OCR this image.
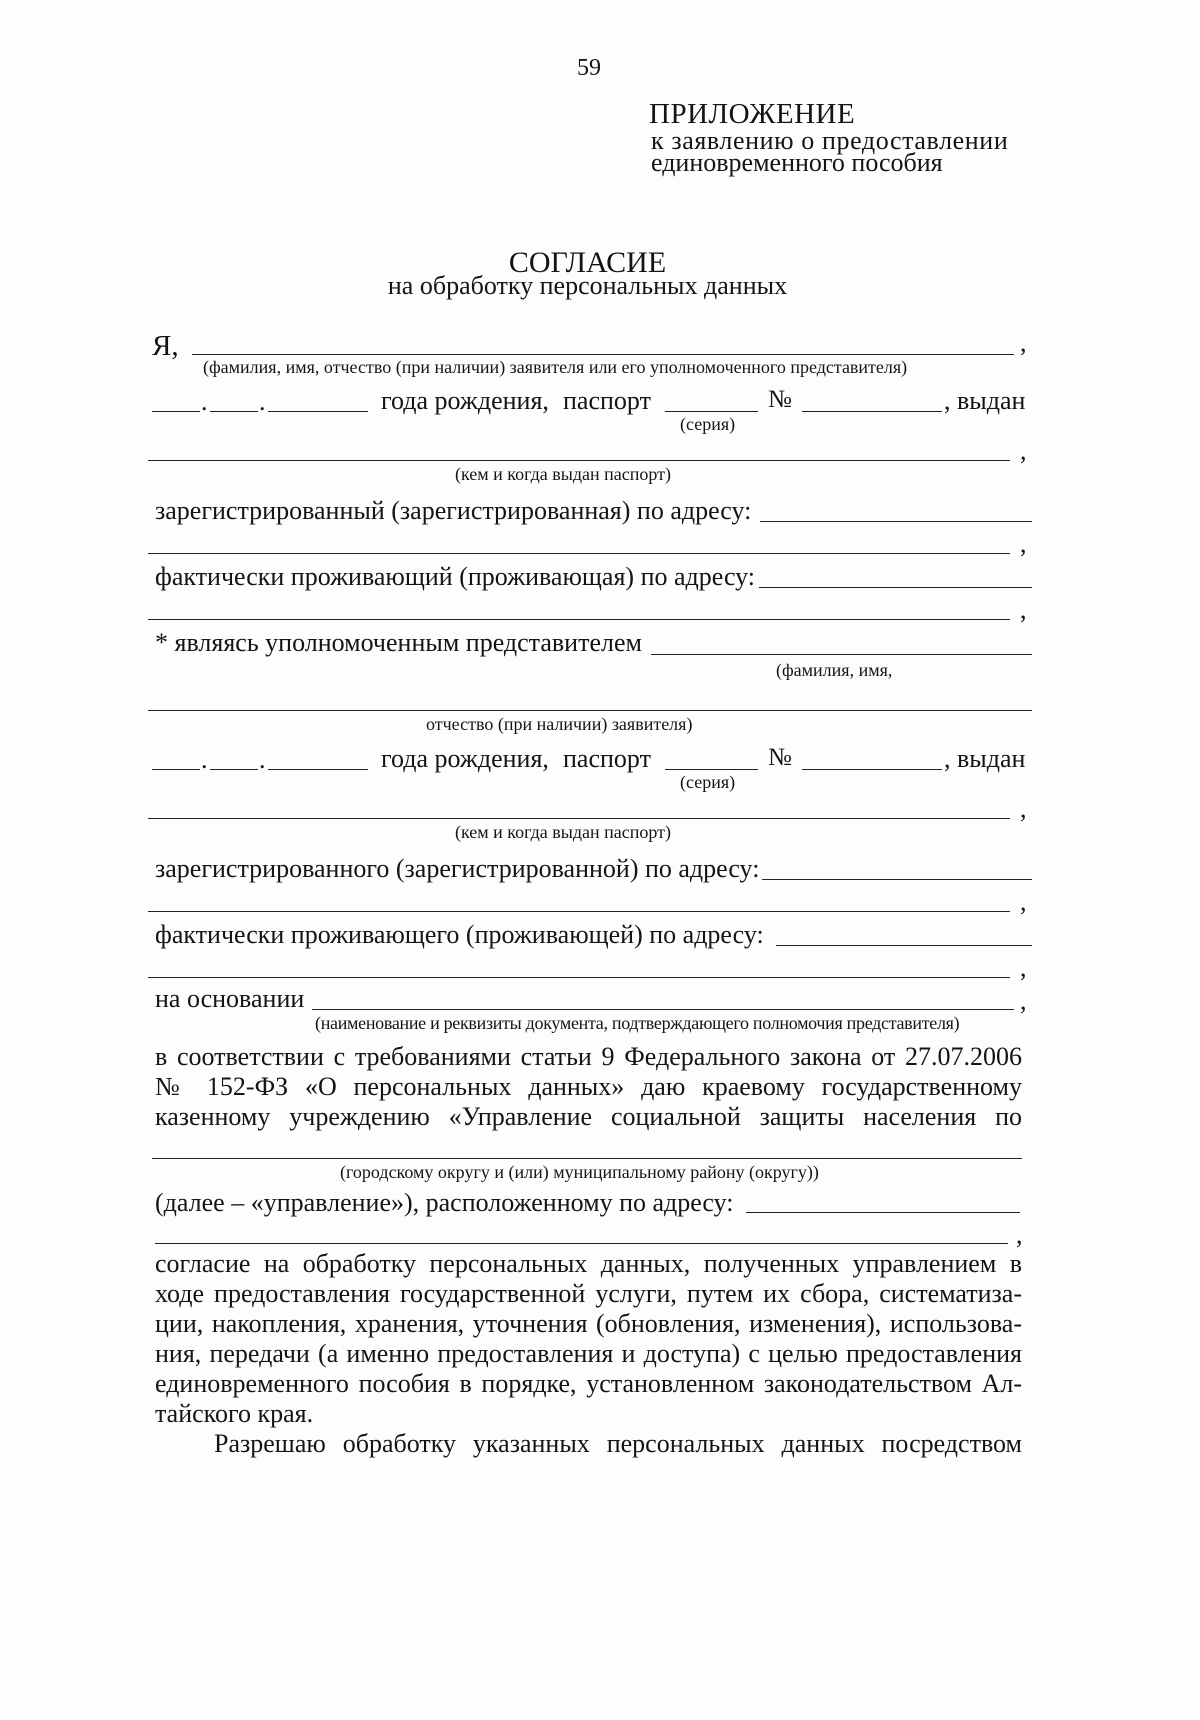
59
ПРИЛОЖЕНИЕ
к заявлению о предоставлении
единовременного пособия
СОГЛАСИЕ
на обработку персональных данных
Я,	,
(фамилия, имя, отчество (при наличии) заявителя или его уполномоченного представителя)
. .	года рождения, паспорт	№	, выдан
(серия)
,
(кем и когда выдан паспорт)
зарегистрированный (зарегистрированная) по адресу:
,
фактически проживающий (проживающая) по адресу:
,
* являясь уполномоченным представителем
(фамилия, имя,
отчество (при наличии) заявителя)
. .	года рождения, паспорт	№	, выдан
(серия)
,
(кем и когда выдан паспорт)
зарегистрированного (зарегистрированной) по адресу:
,
фактически проживающего (проживающей) по адресу:
,
на основании	,
(наименование и реквизиты документа, подтверждающего полномочия представителя)
в соответствии с требованиями статьи 9 Федерального закона от 27.07.2006
№ 152-ФЗ «О персональных данных» даю краевому государственному
казенному учреждению «Управление социальной защиты населения по
(городскому округу и (или) муниципальному району (округу))
(далее – «управление»), расположенному по адресу:
,
согласие на обработку персональных данных, полученных управлением в
ходе предоставления государственной услуги, путем их сбора, систематиза-
ции, накопления, хранения, уточнения (обновления, изменения), использова-
ния, передачи (а именно предоставления и доступа) с целью предоставления
единовременного пособия в порядке, установленном законодательством Ал-
тайского края.
Разрешаю обработку указанных персональных данных посредством
